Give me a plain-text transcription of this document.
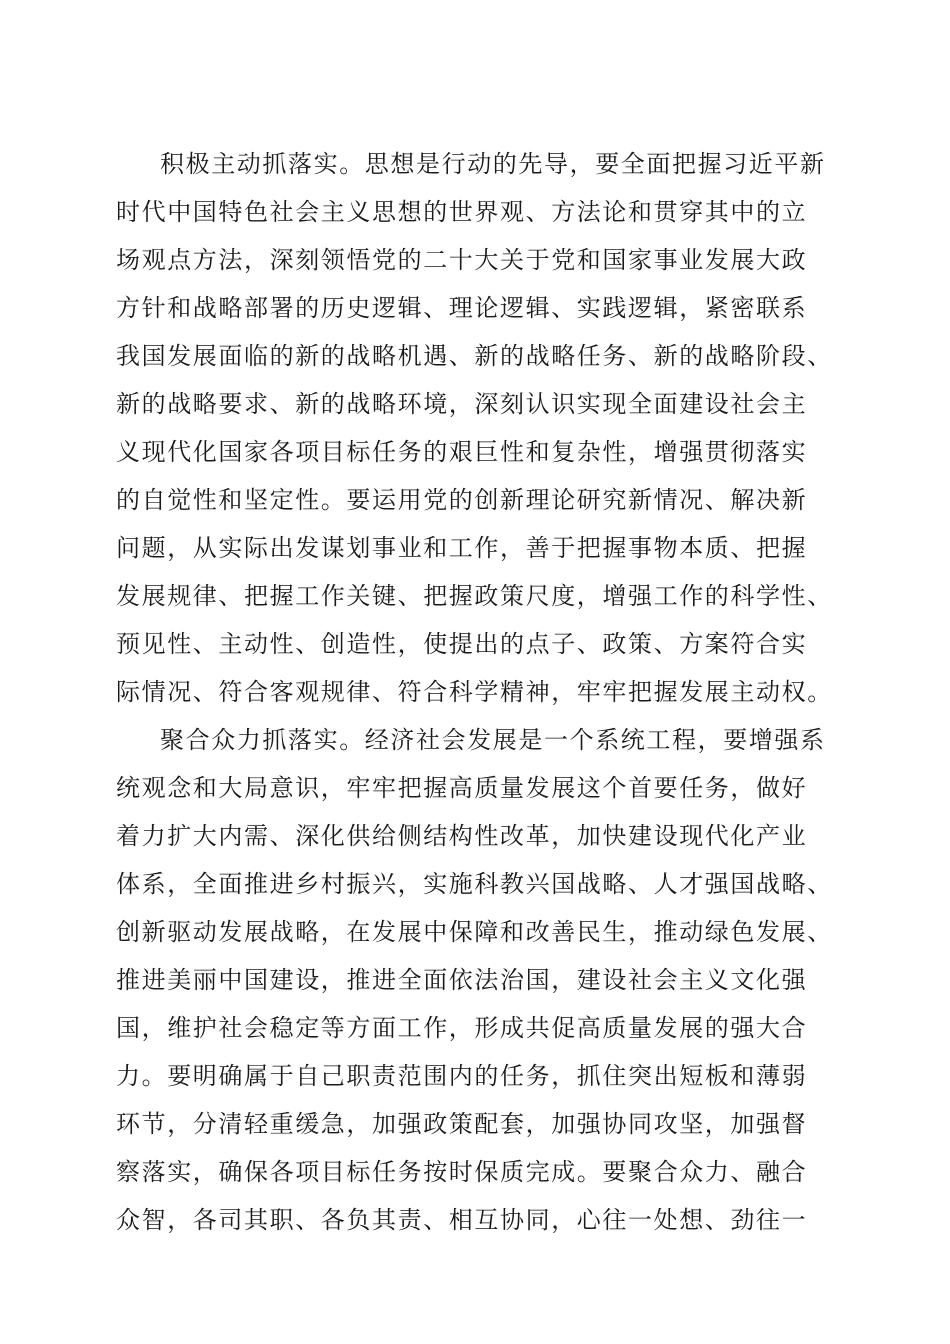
积极主动抓落实。思想是行动的先导，要全面把握习近平新
时代中国特色社会主义思想的世界观、方法论和贯穿其中的立
场观点方法，深刻领悟党的二十大关于党和国家事业发展大政
方针和战略部署的历史逻辑、理论逻辑、实践逻辑，紧密联系
我国发展面临的新的战略机遇、新的战略任务、新的战略阶段、
新的战略要求、新的战略环境，深刻认识实现全面建设社会主
义现代化国家各项目标任务的艰巨性和复杂性，增强贯彻落实
的自觉性和坚定性。要运用党的创新理论研究新情况、解决新
问题，从实际出发谋划事业和工作，善于把握事物本质、把握
发展规律、把握工作关键、把握政策尺度，增强工作的科学性、
预见性、主动性、创造性，使提出的点子、政策、方案符合实
际情况、符合客观规律、符合科学精神，牢牢把握发展主动权。
聚合众力抓落实。经济社会发展是一个系统工程，要增强系
统观念和大局意识，牢牢把握高质量发展这个首要任务，做好
着力扩大内需、深化供给侧结构性改革，加快建设现代化产业
体系，全面推进乡村振兴，实施科教兴国战略、人才强国战略、
创新驱动发展战略，在发展中保障和改善民生，推动绿色发展、
推进美丽中国建设，推进全面依法治国，建设社会主义文化强
国，维护社会稳定等方面工作，形成共促高质量发展的强大合
力。要明确属于自己职责范围内的任务，抓住突出短板和薄弱
环节，分清轻重缓急，加强政策配套，加强协同攻坚，加强督
察落实，确保各项目标任务按时保质完成。要聚合众力、融合
众智，各司其职、各负其责、相互协同，心往一处想、劲往一
